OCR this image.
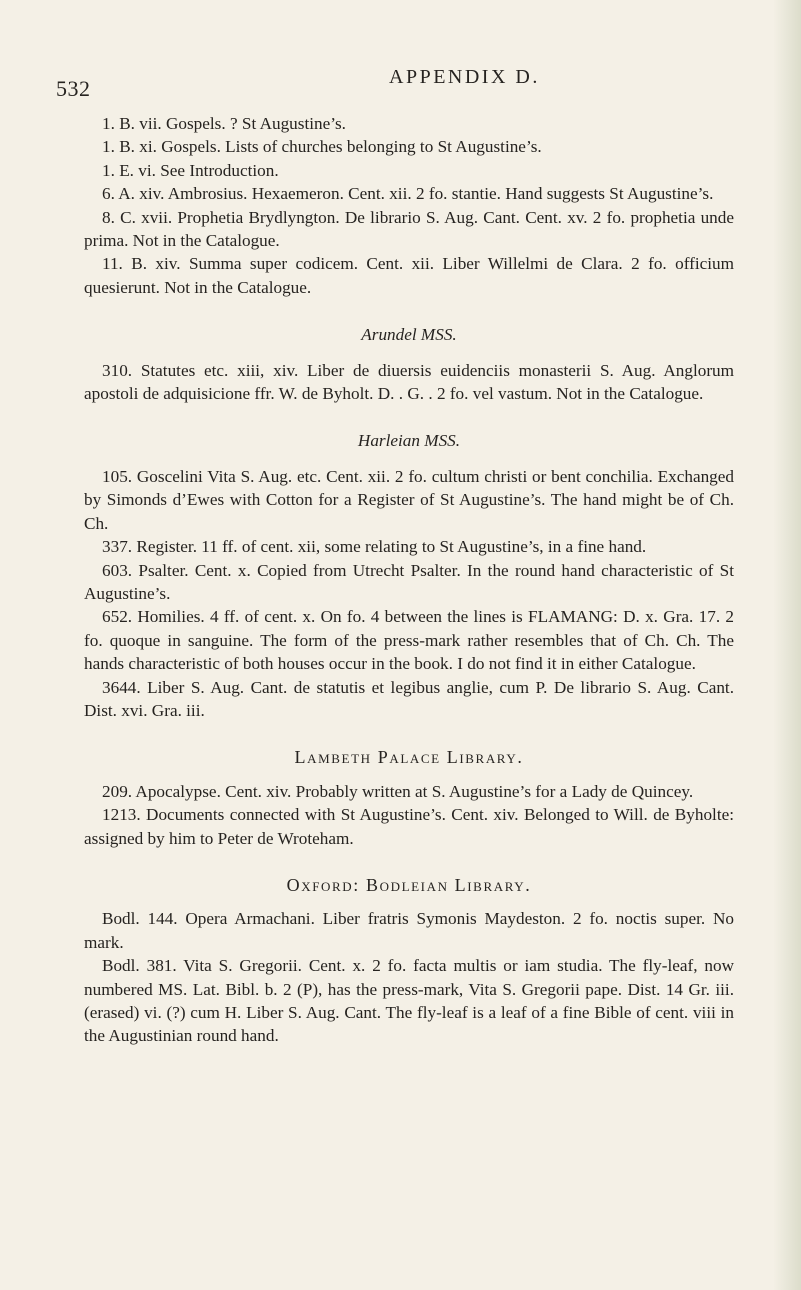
532	APPENDIX D.

1. B. vii. Gospels. ? St Augustine’s.

1. B. xi. Gospels. Lists of churches belonging to St Augustine’s.

1. E. vi. See Introduction.

6. A. xiv. Ambrosius. Hexaemeron. Cent. xii. 2 fo. stantie. Hand suggests St Augustine’s.

8. C. xvii. Prophetia Brydlyngton. De librario S. Aug. Cant. Cent. xv. 2 fo. prophetia unde prima. Not in the Catalogue.

11. B. xiv. Summa super codicem. Cent. xii. Liber Willelmi de Clara. 2 fo. officium quesierunt. Not in the Catalogue.

Arundel MSS.

310. Statutes etc. xiii, xiv. Liber de diuersis euidenciis monasterii S. Aug. Anglorum apostoli de adquisicione ffr. W. de Byholt. D. . G. . 2 fo. vel vastum. Not in the Catalogue.

Harleian MSS.

105. Goscelini Vita S. Aug. etc. Cent. xii. 2 fo. cultum christi or bent conchilia. Exchanged by Simonds d’Ewes with Cotton for a Register of St Augustine’s. The hand might be of Ch. Ch.

337. Register. 11 ff. of cent. xii, some relating to St Augustine’s, in a fine hand.

603. Psalter. Cent. x. Copied from Utrecht Psalter. In the round hand characteristic of St Augustine’s.

652. Homilies. 4 ff. of cent. x. On fo. 4 between the lines is FLAMANG: D. x. Gra. 17. 2 fo. quoque in sanguine. The form of the press-mark rather resembles that of Ch. Ch. The hands characteristic of both houses occur in the book. I do not find it in either Catalogue.

3644. Liber S. Aug. Cant. de statutis et legibus anglie, cum P. De librario S. Aug. Cant. Dist. xvi. Gra. iii.

Lambeth Palace Library.

209. Apocalypse. Cent. xiv. Probably written at S. Augustine’s for a Lady de Quincey.

1213. Documents connected with St Augustine’s. Cent. xiv. Belonged to Will. de Byholte: assigned by him to Peter de Wroteham.

Oxford: Bodleian Library.

Bodl. 144. Opera Armachani. Liber fratris Symonis Maydeston. 2 fo. noctis super. No mark.

Bodl. 381. Vita S. Gregorii. Cent. x. 2 fo. facta multis or iam studia. The fly-leaf, now numbered MS. Lat. Bibl. b. 2 (P), has the press-mark, Vita S. Gregorii pape. Dist. 14 Gr. iii. (erased) vi. (?) cum H. Liber S. Aug. Cant. The fly-leaf is a leaf of a fine Bible of cent. viii in the Augustinian round hand.
